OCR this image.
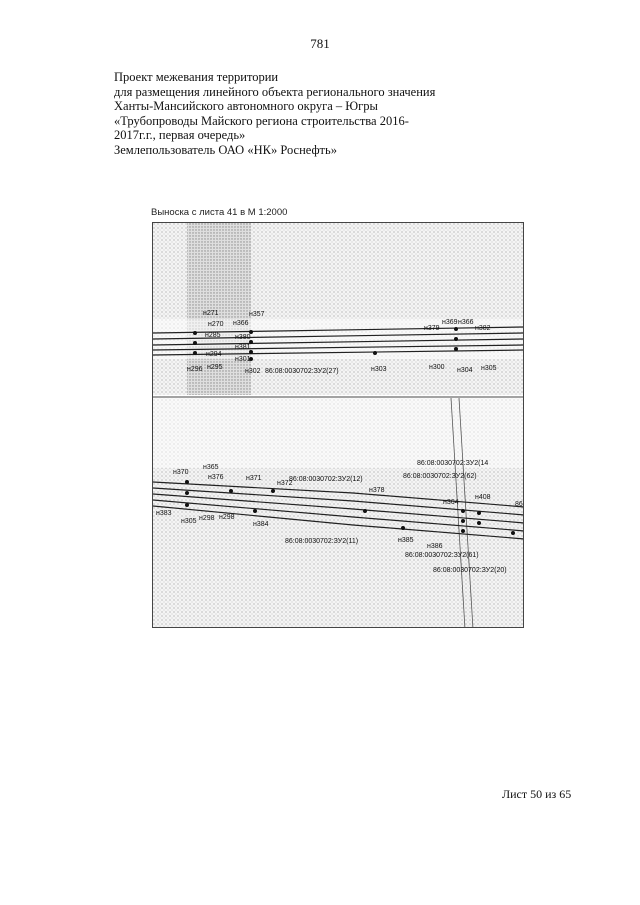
781
Проект межевания территории
для размещения линейного объекта регионального значения
Ханты-Мансийского автономного округа – Югры
«Трубопроводы Майского региона строительства 2016-
2017г.г., первая очередь»
Землепользователь ОАО «НК» Роснефть»
Выноска с листа 41 в М 1:2000
н271
н270
н285
н294
н296 н295
н366
н357
н380
н381
н301
н302 86:08:0030702:ЗУ2(27)	н303	н300 н304 н305
н379
н369 н366
н382
н370
н365
н376	н371
н372
86:08:0030702:ЗУ2(12)
н378
86:08:0030702:ЗУ2(14
86:08:0030702:ЗУ2(62)
н364
н408
н383
н305 н298 н298
н384
86:08:0030702:ЗУ2(11)	н385
н386
86:08:0030702:ЗУ2(61)
86:08:0030702:ЗУ2(20)
86
Лист 50 из 65
